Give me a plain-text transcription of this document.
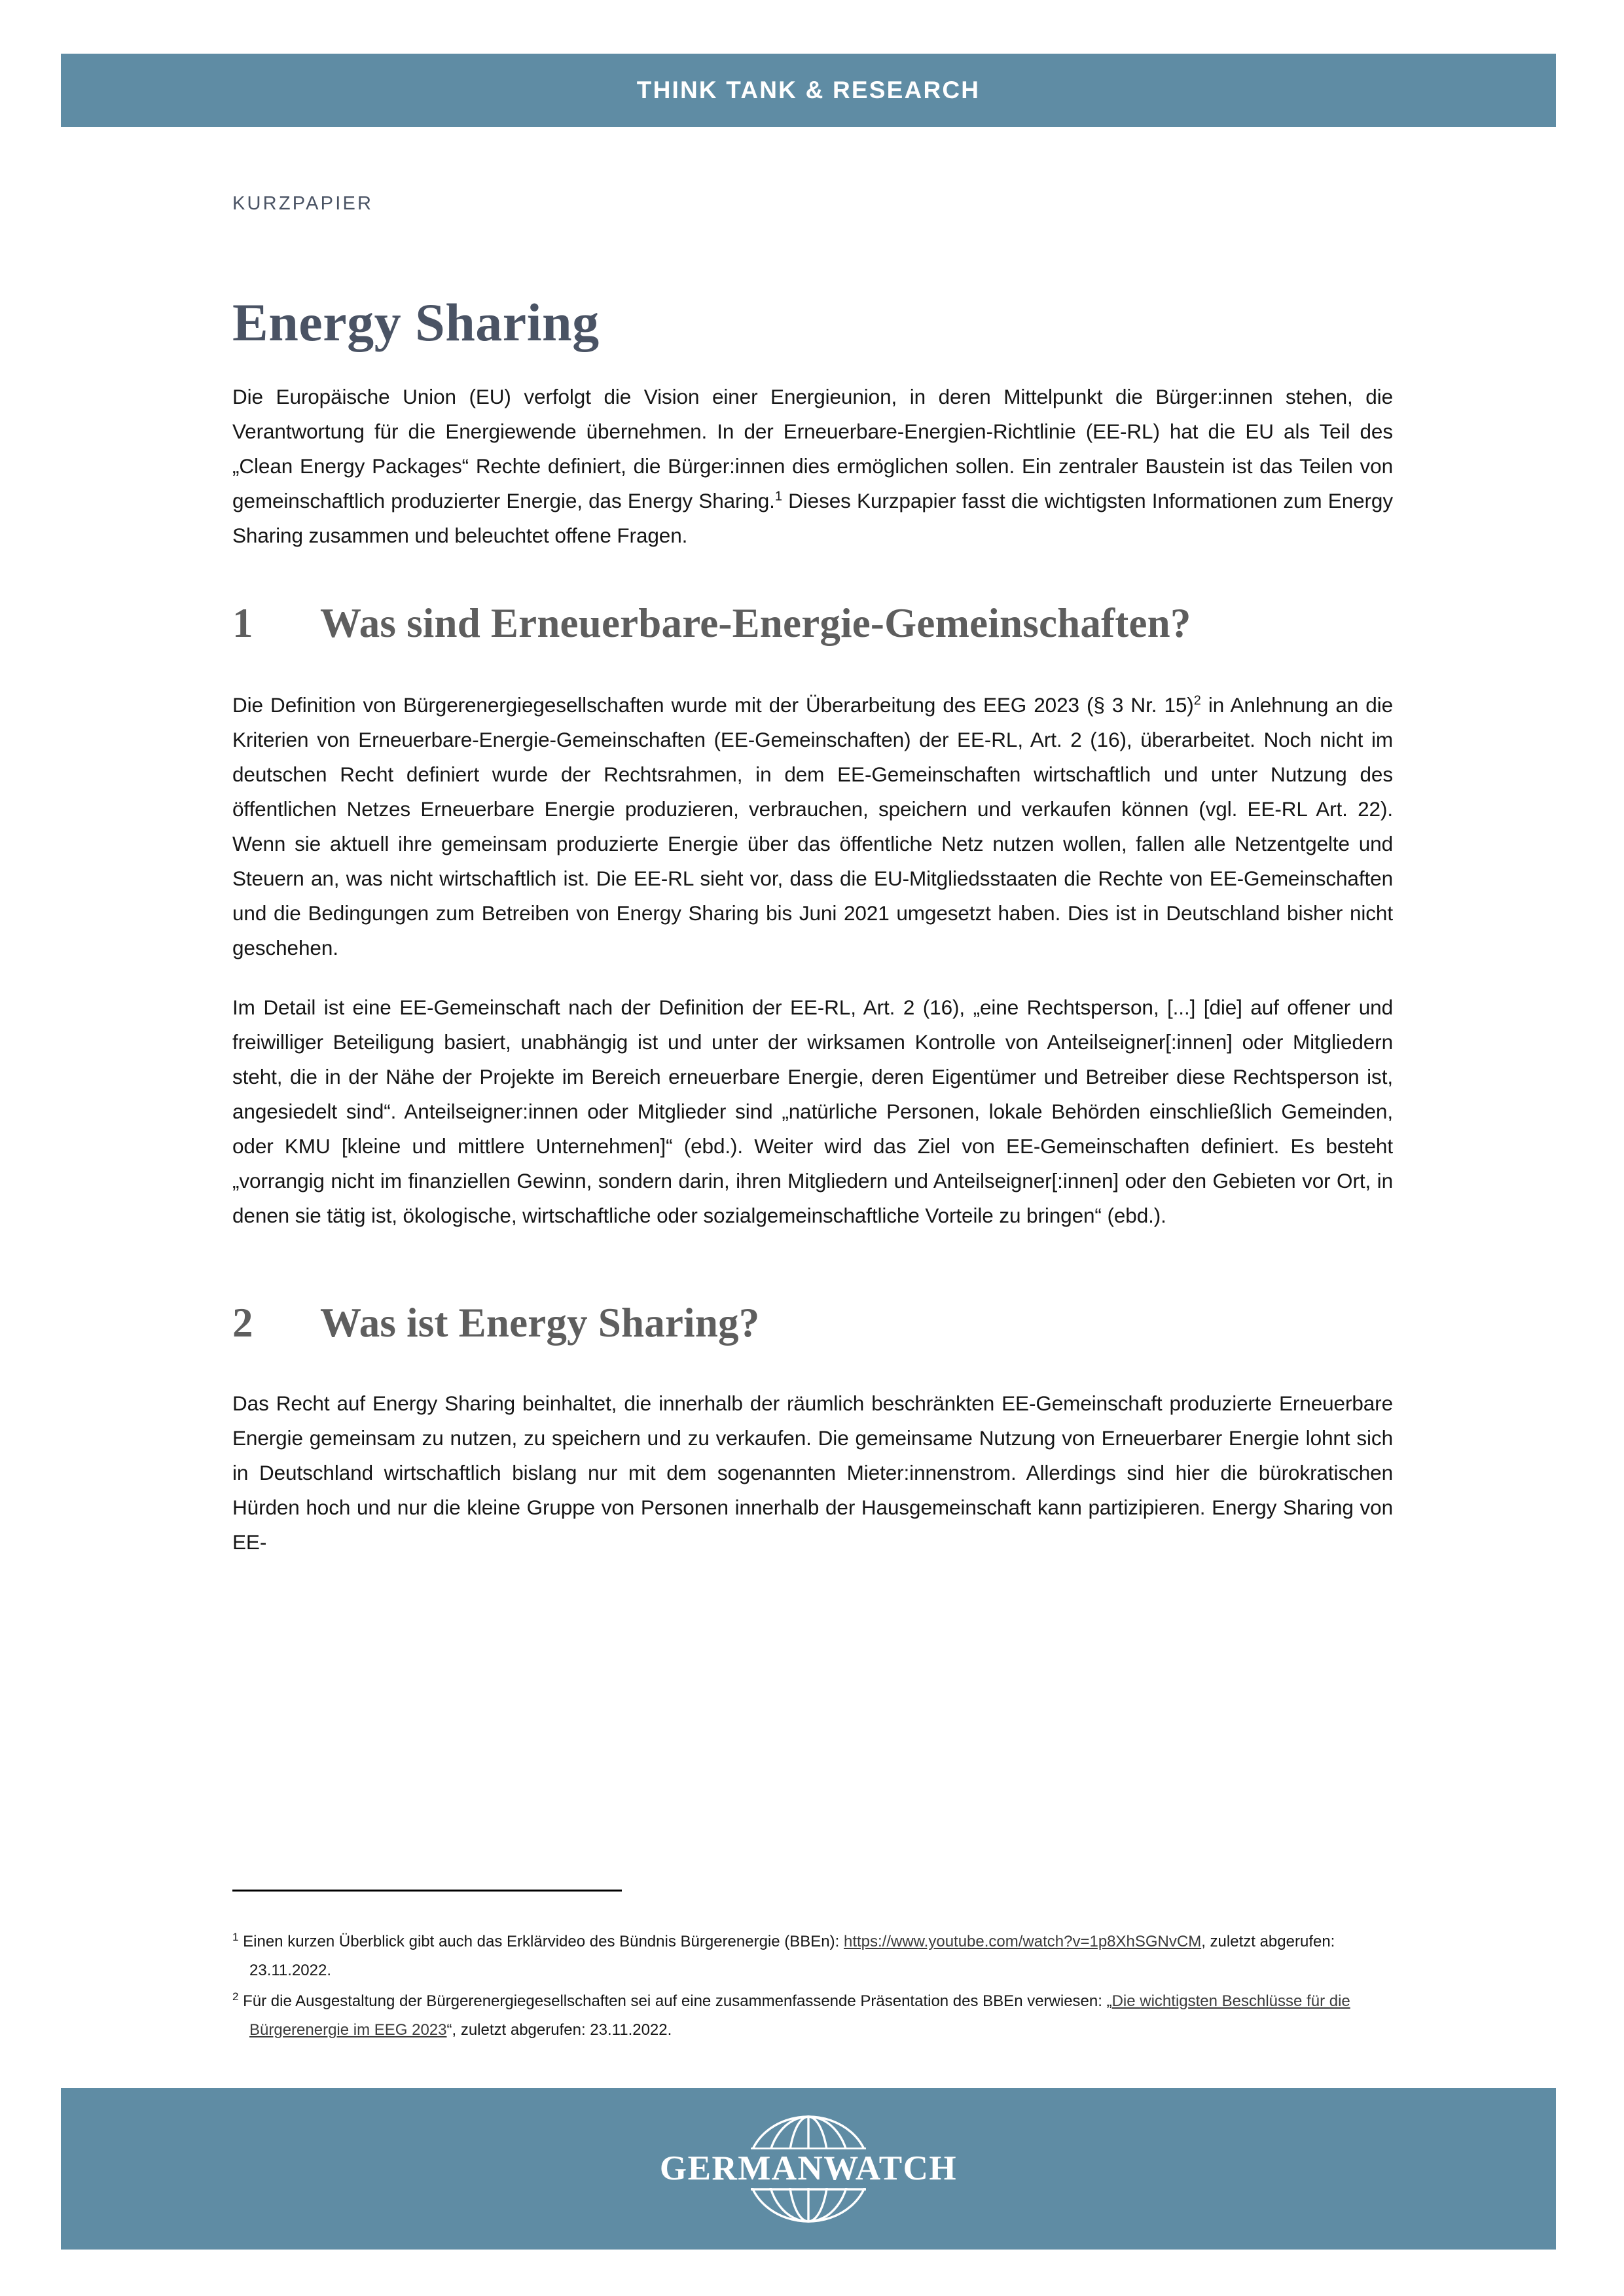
THINK TANK & RESEARCH
KURZPAPIER
Energy Sharing

Die Europäische Union (EU) verfolgt die Vision einer Energieunion, in deren Mittelpunkt die Bürger:innen stehen, die Verantwortung für die Energiewende übernehmen. In der Erneuerbare-Energien-Richtlinie (EE-RL) hat die EU als Teil des „Clean Energy Packages“ Rechte definiert, die Bürger:innen dies ermöglichen sollen. Ein zentraler Baustein ist das Teilen von gemeinschaftlich produzierter Energie, das Energy Sharing.$^1$ Dieses Kurzpapier fasst die wichtigsten Informationen zum Energy Sharing zusammen und beleuchtet offene Fragen.

1	Was sind Erneuerbare-Energie-Gemeinschaften?

Die Definition von Bürgerenergiegesellschaften wurde mit der Überarbeitung des EEG 2023 (§ 3 Nr. 15)$^2$ in Anlehnung an die Kriterien von Erneuerbare-Energie-Gemeinschaften (EE-Gemeinschaften) der EE-RL, Art. 2 (16), überarbeitet. Noch nicht im deutschen Recht definiert wurde der Rechtsrahmen, in dem EE-Gemeinschaften wirtschaftlich und unter Nutzung des öffentlichen Netzes Erneuerbare Energie produzieren, verbrauchen, speichern und verkaufen können (vgl. EE-RL Art. 22). Wenn sie aktuell ihre gemeinsam produzierte Energie über das öffentliche Netz nutzen wollen, fallen alle Netzentgelte und Steuern an, was nicht wirtschaftlich ist. Die EE-RL sieht vor, dass die EU-Mitgliedsstaaten die Rechte von EE-Gemeinschaften und die Bedingungen zum Betreiben von Energy Sharing bis Juni 2021 umgesetzt haben. Dies ist in Deutschland bisher nicht geschehen.

Im Detail ist eine EE-Gemeinschaft nach der Definition der EE-RL, Art. 2 (16), „eine Rechtsperson, [...] [die] auf offener und freiwilliger Beteiligung basiert, unabhängig ist und unter der wirksamen Kontrolle von Anteilseigner[:innen] oder Mitgliedern steht, die in der Nähe der Projekte im Bereich erneuerbare Energie, deren Eigentümer und Betreiber diese Rechtsperson ist, angesiedelt sind“. Anteilseigner:innen oder Mitglieder sind „natürliche Personen, lokale Behörden einschließlich Gemeinden, oder KMU [kleine und mittlere Unternehmen]“ (ebd.). Weiter wird das Ziel von EE-Gemeinschaften definiert. Es besteht „vorrangig nicht im finanziellen Gewinn, sondern darin, ihren Mitgliedern und Anteilseigner[:innen] oder den Gebieten vor Ort, in denen sie tätig ist, ökologische, wirtschaftliche oder sozialgemeinschaftliche Vorteile zu bringen“ (ebd.).

2	Was ist Energy Sharing?

Das Recht auf Energy Sharing beinhaltet, die innerhalb der räumlich beschränkten EE-Gemeinschaft produzierte Erneuerbare Energie gemeinsam zu nutzen, zu speichern und zu verkaufen. Die gemeinsame Nutzung von Erneuerbarer Energie lohnt sich in Deutschland wirtschaftlich bislang nur mit dem sogenannten Mieter:innenstrom. Allerdings sind hier die bürokratischen Hürden hoch und nur die kleine Gruppe von Personen innerhalb der Hausgemeinschaft kann partizipieren. Energy Sharing von EE-

$^1$ Einen kurzen Überblick gibt auch das Erklärvideo des Bündnis Bürgerenergie (BBEn): https://www.youtube.com/watch?v=1p8XhSGNvCM, zuletzt abgerufen: 23.11.2022.
$^2$ Für die Ausgestaltung der Bürgerenergiegesellschaften sei auf eine zusammenfassende Präsentation des BBEn verwiesen: „Die wichtigsten Beschlüsse für die Bürgerenergie im EEG 2023“, zuletzt abgerufen: 23.11.2022.
GERMANWATCH
